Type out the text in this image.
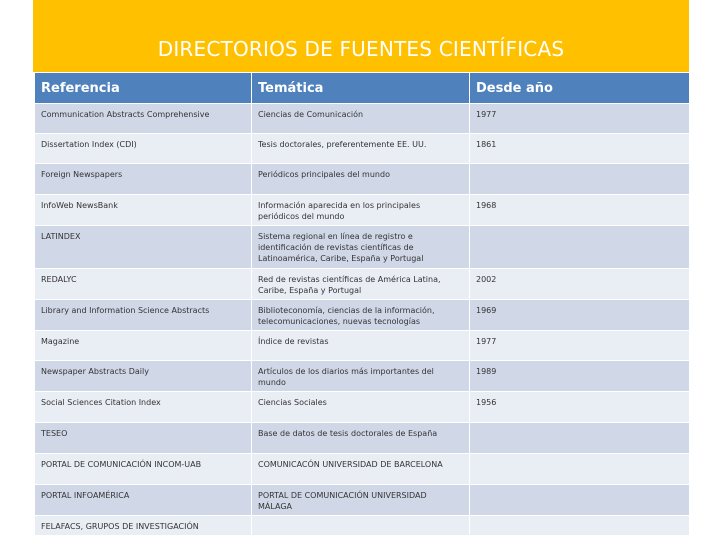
DIRECTORIOS DE FUENTES CIENTÍFICAS
Referencia	Temática	Desde año
Communication Abstracts Comprehensive	Ciencias de Comunicación	1977
Dissertation Index (CDI)	Tesis doctorales, preferentemente EE. UU.	1861
Foreign Newspapers	Periódicos principales del mundo	
InfoWeb NewsBank	Información aparecida en los principales periódicos del mundo	1968
LATINDEX	Sistema regional en línea de registro e identificación de revistas científicas de Latinoamérica, Caribe, España y Portugal	
REDALYC	Red de revistas científicas de América Latina, Caribe, España y Portugal	2002
Library and Information Science Abstracts	Biblioteconomía, ciencias de la información, telecomunicaciones, nuevas tecnologías	1969
Magazine	Índice de revistas	1977
Newspaper Abstracts Daily	Artículos de los diarios más importantes del mundo	1989
Social Sciences Citation Index	Ciencias Sociales	1956
TESEO	Base de datos de tesis doctorales de España	
PORTAL DE COMUNICACIÓN INCOM-UAB	COMUNICACÓN UNIVERSIDAD DE BARCELONA	
PORTAL INFOAMÉRICA	PORTAL DE COMUNICACIÓN UNIVERSIDAD MÁLAGA	
FELAFACS, GRUPOS DE INVESTIGACIÓN		
